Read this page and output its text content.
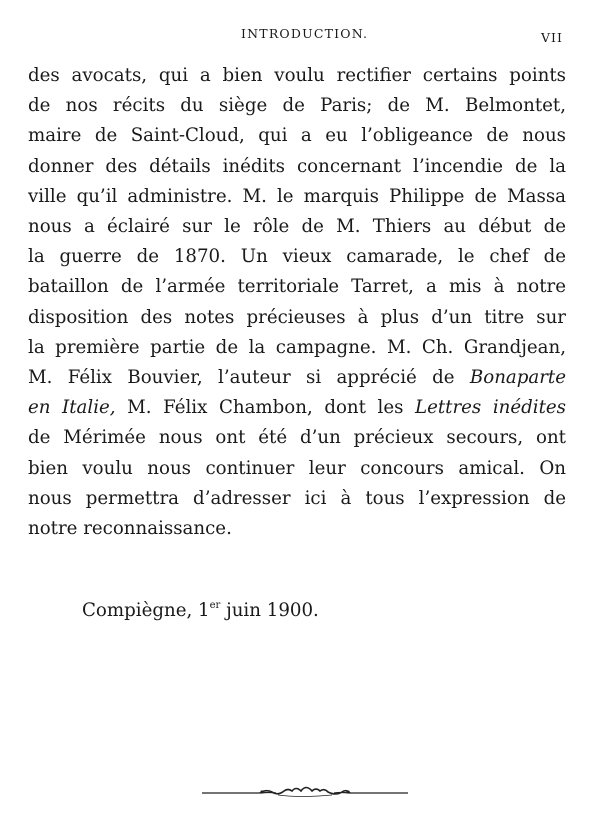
INTRODUCTION.	VII
des avocats, qui a bien voulu rectifier certains points
de nos récits du siège de Paris; de M. Belmontet,
maire de Saint-Cloud, qui a eu l’obligeance de nous
donner des détails inédits concernant l’incendie de la
ville qu’il administre. M. le marquis Philippe de Massa
nous a éclairé sur le rôle de M. Thiers au début de
la guerre de 1870. Un vieux camarade, le chef de
bataillon de l’armée territoriale Tarret, a mis à notre
disposition des notes précieuses à plus d’un titre sur
la première partie de la campagne. M. Ch. Grandjean,
M. Félix Bouvier, l’auteur si apprécié de Bonaparte
en Italie, M. Félix Chambon, dont les Lettres inédites
de Mérimée nous ont été d’un précieux secours, ont
bien voulu nous continuer leur concours amical. On
nous permettra d’adresser ici à tous l’expression de
notre reconnaissance.
Compiègne, 1er juin 1900.
